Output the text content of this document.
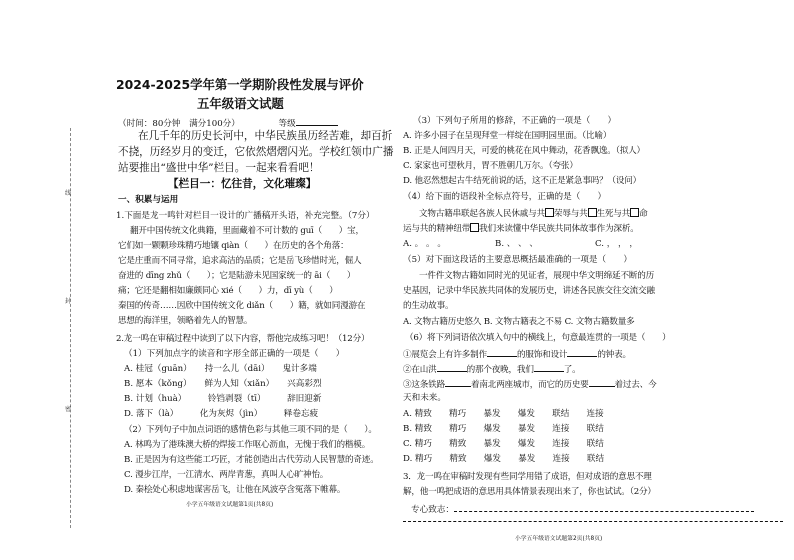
线
封
密
2024-2025学年第一学期阶段性发展与评价
五年级语文试题
（时间：80分钟　满分100分）　　　　　等级
在几千年的历史长河中，中华民族虽历经苦难，却百折
不挠，历经岁月的变迁，它依然熠熠闪光。学校红领巾广播
站要推出“盛世中华”栏目。一起来看看吧！
【栏目一：忆往昔，文化璀璨】
一、积累与运用
1.下面是龙一鸣针对栏目一设计的广播稿开头语，补充完整。（7分）
翻开中国传统文化典籍，里面藏着不可计数的 guī（　　）宝，
它们如一颗颗珍珠精巧地镶 qiàn（　　）在历史的各个角落：
它是庄重而不同寻常，追求高洁的品质；它是岳飞珍惜时光，倔人
奋进的 dīng zhǔ（　　）；它是陆游未见国家统一的 āi（　　）
痛；它还是翻相如廉颇同心 xié（　　）力，dī yù（　　）
秦国的传奇……因欣中国传统文化 diǎn（　　）籍，就如同漫游在
思想的海洋里，领略着先人的智慧。
2.龙一鸣在审稿过程中读到了以下内容，帮他完成练习吧！（12分）
（1）下列加点字的读音和字形全部正确的一项是（　　）
A. 桂冠（guān）　　持一么儿（dāi）　　鬼计多端
B. 愿本（kǒng）　　鲜为人知（xiǎn）　　兴高彩烈
B. 计划（huà）　　　铃铛剥裂（tī）　　　辞旧迎新
D. 落下（là）　　　化为灰烬（jìn）　　　释卷忘疲
（2）下列句子中加点词语的感情色彩与其他三项不同的是（　　）。
A. 林鸣为了港珠澳大桥的焊接工作呕心沥血，无愧于我们的楷模。
B. 正是因为有这些能工巧匠，才能创造出古代劳动人民智慧的奇迹。
C. 漫步江岸，一江清水、两岸青葱，真叫人心旷神怡。
D. 秦桧处心积虑地谋害岳飞，让他在风波亭含冤落下帷幕。
小学五年级语文试题第1页(共8页)
（3）下列句子所用的修辞，不正确的一项是（　　）
A. 许多小园子在呈现拜堂一样绽在国明园里面。（比喻）
B. 正是人间四月天，可爱的桃花在风中舞动，花香飘逸。（拟人）
C. 家家也可望秋月，胃不胜朝几万尔。（夸张）
D. 他忍然想起古牛结死前说的话，这不正是紧急事吗？（设问）
（4）给下面的语段补全标点符号，正确的是（　　）
文物古籍串联起各族人民休戚与共 荣辱与共 生死与共 命
运与共的精神纽带 我们来读懂中华民族共同体故事作为深析。
A. 。 。 。	B. 、 、 、	C. ， ， ，
（5）对下面这段话的主要意思概括最准确的一项是（　　）
一件件文物古籍如同时光的见证者，展现中华文明绵延不断的历
史基因，记录中华民族共同体的发展历史，讲述各民族交往交流交融
的生动故事。
A. 文物古籍历史悠久 B. 文物古籍表之不易 C. 文物古籍数量多
（6）将下列词语依次填入句中的横线上，句意最连贯的一项是（　　）
①展览会上有许多制作	的服饰和设计	的钟表。
②在山洪	的那个夜晚，我们	了。
③这条铁路	着南北两座城市，而它的历史要	着过去、今
天和未来。
A. 精致　　精巧　　暴发　　爆发　　联结　　连接
B. 精致　　精巧　　爆发　　暴发　　连接　　联结
C. 精巧　　精致　　暴发　　爆发　　连接　　联结
D. 精巧　　精致　　爆发　　暴发　　连接　　联结
3．龙一鸣在审稿时发现有些同学用错了成语，但对成语的意思不理
解，他一鸣把成语的意思用具体情景表现出来了，你也试试。（2分）
专心致志：
小学五年级语文试题第2页(共8页)
